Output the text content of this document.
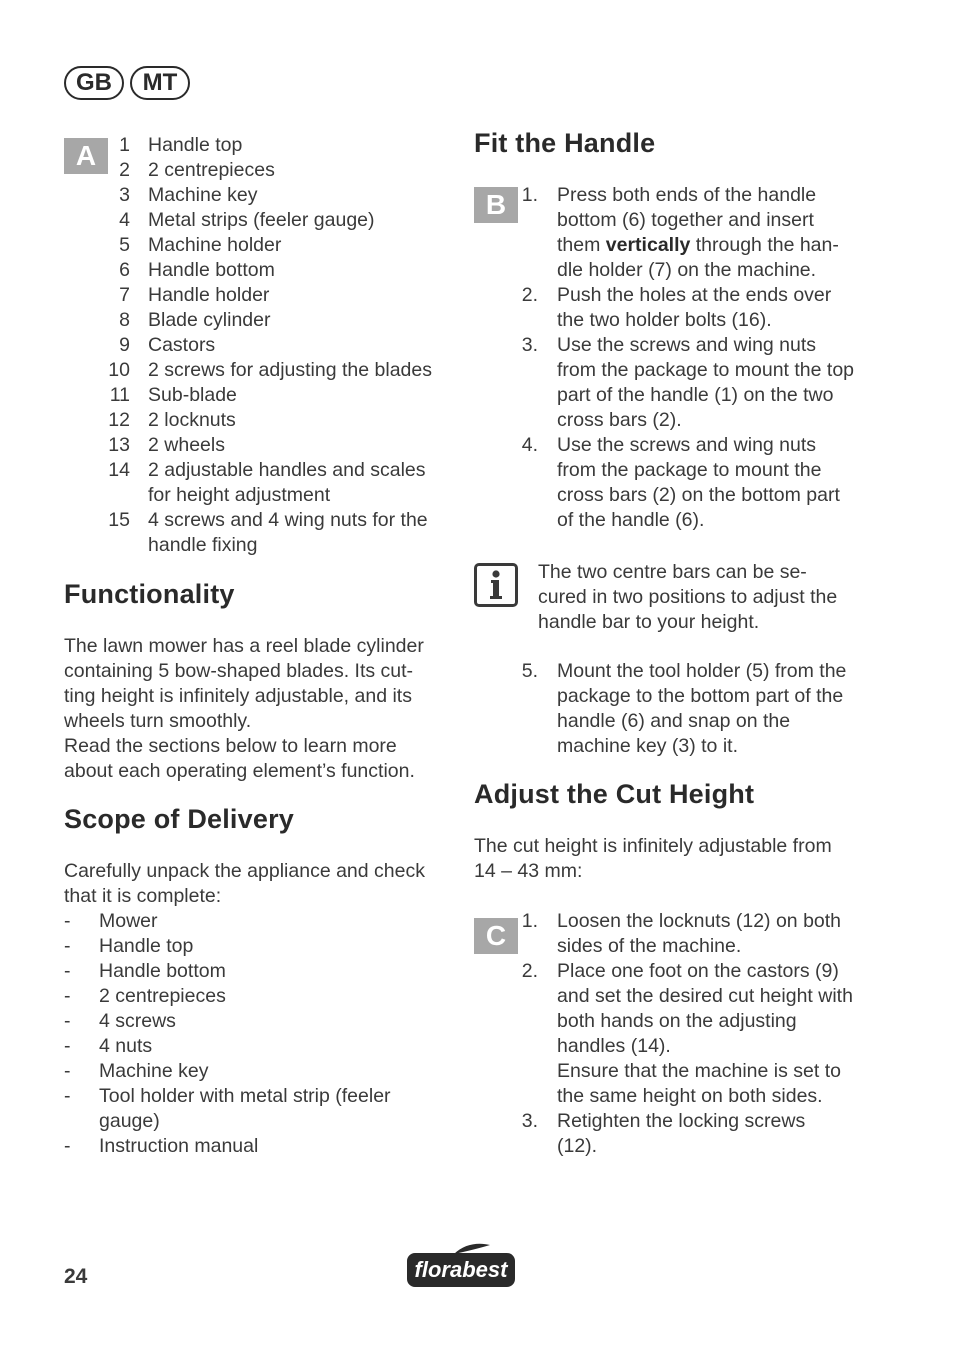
GB	MT
A	1 Handle top
2 2 centrepieces
3 Machine key
4 Metal strips (feeler gauge)
5 Machine holder
6 Handle bottom
7 Handle holder
8 Blade cylinder
9 Castors
10 2 screws for adjusting the blades
11 Sub-blade
12 2 locknuts
13 2 wheels
14 2 adjustable handles and scales for height adjustment
15 4 screws and 4 wing nuts for the handle fixing
Functionality
The lawn mower has a reel blade cylinder
containing 5 bow-shaped blades. Its cut-
ting height is infinitely adjustable, and its
wheels turn smoothly.
Read the sections below to learn more
about each operating element’s function.
Scope of Delivery
Carefully unpack the appliance and check
that it is complete:
-	Mower
-	Handle top
-	Handle bottom
-	2 centrepieces
-	4 screws
-	4 nuts
-	Machine key
-	Tool holder with metal strip (feeler gauge)
-	Instruction manual
Fit the Handle
B 1. Press both ends of the handle bottom (6) together and insert them vertically through the han-dle holder (7) on the machine.
2. Push the holes at the ends over the two holder bolts (16).
3. Use the screws and wing nuts from the package to mount the top part of the handle (1) on the two cross bars (2).
4. Use the screws and wing nuts from the package to mount the cross bars (2) on the bottom part of the handle (6).
The two centre bars can be se-
cured in two positions to adjust the
handle bar to your height.
5. Mount the tool holder (5) from the package to the bottom part of the handle (6) and snap on the machine key (3) to it.
Adjust the Cut Height
The cut height is infinitely adjustable from
14 – 43 mm:
C 1. Loosen the locknuts (12) on both sides of the machine.
2. Place one foot on the castors (9) and set the desired cut height with both hands on the adjusting handles (14).
Ensure that the machine is set to the same height on both sides.
3. Retighten the locking screws (12).
24	florabest
